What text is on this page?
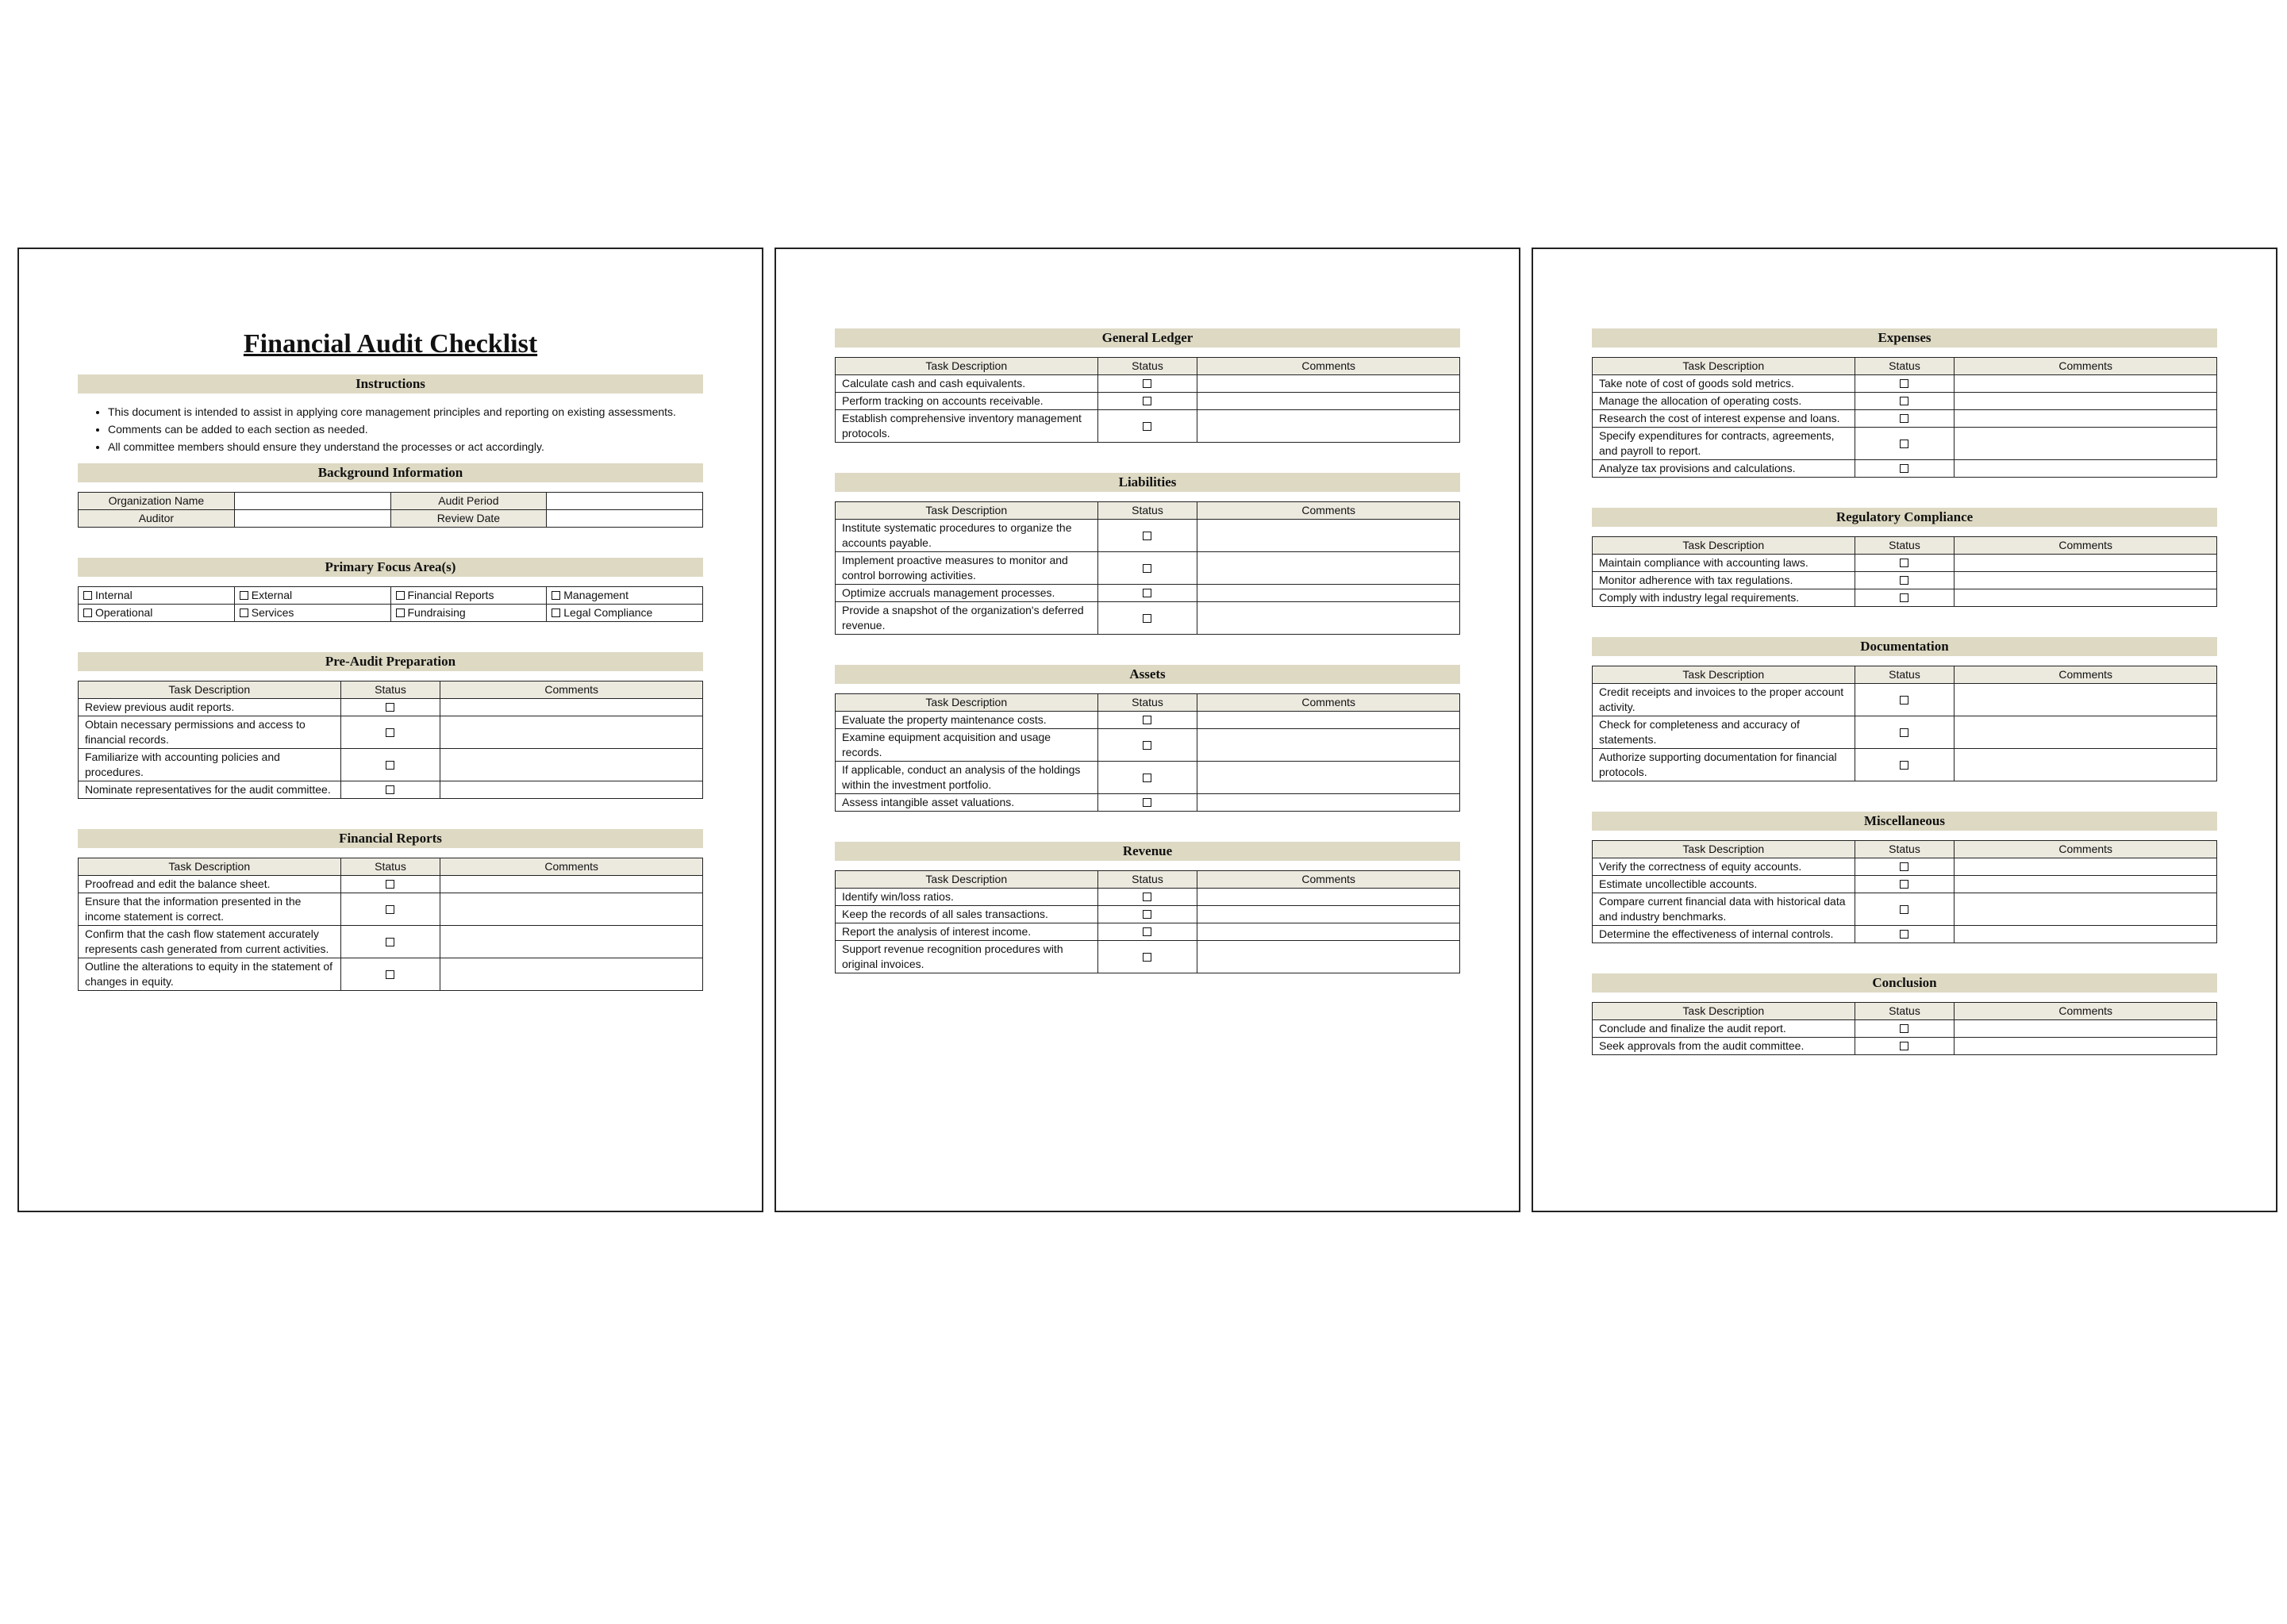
Financial Audit Checklist
Instructions
• This document is intended to assist in applying core management principles and reporting on existing assessments.
• Comments can be added to each section as needed.
• All committee members should ensure they understand the processes or act accordingly.
Background Information
Organization Name		Audit Period	
Auditor		Review Date	
Primary Focus Area(s)
Internal	External	Financial Reports	Management
Operational	Services	Fundraising	Legal Compliance
Pre-Audit Preparation
Task Description	Status	Comments
Review previous audit reports.		
Obtain necessary permissions and access to financial records.		
Familiarize with accounting policies and procedures.		
Nominate representatives for the audit committee.		
Financial Reports
Task Description	Status	Comments
Proofread and edit the balance sheet.		
Ensure that the information presented in the income statement is correct.		
Confirm that the cash flow statement accurately represents cash generated from current activities.		
Outline the alterations to equity in the statement of changes in equity.		
General Ledger
Task Description	Status	Comments
Calculate cash and cash equivalents.		
Perform tracking on accounts receivable.		
Establish comprehensive inventory management protocols.		
Liabilities
Task Description	Status	Comments
Institute systematic procedures to organize the accounts payable.		
Implement proactive measures to monitor and control borrowing activities.		
Optimize accruals management processes.		
Provide a snapshot of the organization's deferred revenue.		
Assets
Task Description	Status	Comments
Evaluate the property maintenance costs.		
Examine equipment acquisition and usage records.		
If applicable, conduct an analysis of the holdings within the investment portfolio.		
Assess intangible asset valuations.		
Revenue
Task Description	Status	Comments
Identify win/loss ratios.		
Keep the records of all sales transactions.		
Report the analysis of interest income.		
Support revenue recognition procedures with original invoices.		
Expenses
Task Description	Status	Comments
Take note of cost of goods sold metrics.		
Manage the allocation of operating costs.		
Research the cost of interest expense and loans.		
Specify expenditures for contracts, agreements, and payroll to report.		
Analyze tax provisions and calculations.		
Regulatory Compliance
Task Description	Status	Comments
Maintain compliance with accounting laws.		
Monitor adherence with tax regulations.		
Comply with industry legal requirements.		
Documentation
Task Description	Status	Comments
Credit receipts and invoices to the proper account activity.		
Check for completeness and accuracy of statements.		
Authorize supporting documentation for financial protocols.		
Miscellaneous
Task Description	Status	Comments
Verify the correctness of equity accounts.		
Estimate uncollectible accounts.		
Compare current financial data with historical data and industry benchmarks.		
Determine the effectiveness of internal controls.		
Conclusion
Task Description	Status	Comments
Conclude and finalize the audit report.		
Seek approvals from the audit committee.		
